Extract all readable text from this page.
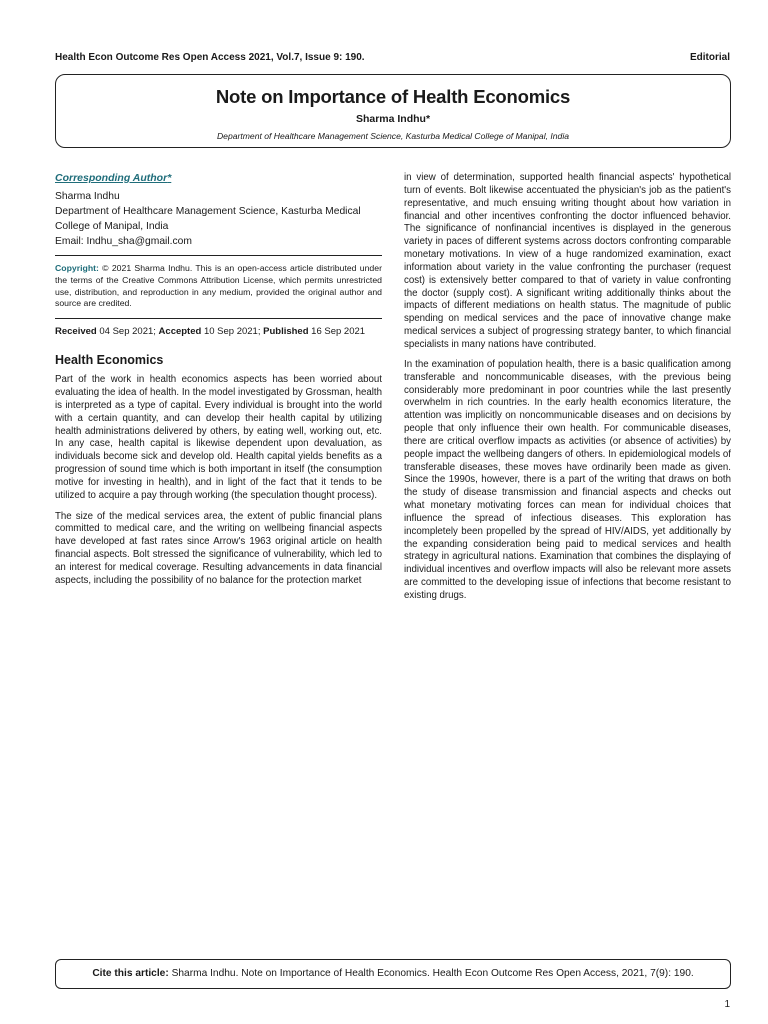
Health Econ Outcome Res Open Access 2021, Vol.7, Issue 9: 190.	Editorial
Note on Importance of Health Economics
Sharma Indhu*
Department of Healthcare Management Science, Kasturba Medical College of Manipal, India
Corresponding Author*
Sharma Indhu
Department of Healthcare Management Science, Kasturba Medical
College of Manipal, India
Email: Indhu_sha@gmail.com
Copyright: © 2021 Sharma Indhu. This is an open-access article distributed under the terms of the Creative Commons Attribution License, which permits unrestricted use, distribution, and reproduction in any medium, provided the original author and source are credited.
Received 04 Sep 2021; Accepted 10 Sep 2021; Published 16 Sep 2021
Health Economics

Part of the work in health economics aspects has been worried about evaluating the idea of health. In the model investigated by Grossman, health is interpreted as a type of capital. Every individual is brought into the world with a certain quantity, and can develop their health capital by utilizing health administrations delivered by others, by eating well, working out, etc. In any case, health capital is likewise dependent upon devaluation, as individuals become sick and develop old. Health capital yields benefits as a progression of sound time which is both important in itself (the consumption motive for investing in health), and in light of the fact that it tends to be utilized to acquire a pay through working (the speculation thought process).

The size of the medical services area, the extent of public financial plans committed to medical care, and the writing on wellbeing financial aspects have developed at fast rates since Arrow's 1963 original article on health financial aspects. Bolt stressed the significance of vulnerability, which led to an interest for medical coverage. Resulting advancements in data financial aspects, including the possibility of no balance for the protection market

in view of determination, supported health financial aspects' hypothetical turn of events. Bolt likewise accentuated the physician's job as the patient's representative, and much ensuing writing thought about how variation in financial and other incentives confronting the doctor influenced behavior. The significance of nonfinancial incentives is displayed in the generous variety in paces of different systems across doctors confronting comparable monetary motivations. In view of a huge randomized examination, exact information about variety in the value confronting the purchaser (request cost) is extensively better compared to that of variety in value confronting the doctor (supply cost). A significant writing additionally thinks about the impacts of different mediations on health status. The magnitude of public spending on medical services and the pace of innovative change make medical services a subject of progressing strategy banter, to which financial specialists in many nations have contributed.

In the examination of population health, there is a basic qualification among transferable and noncommunicable diseases, with the previous being considerably more predominant in poor countries while the last presently overwhelm in rich countries. In the early health economics literature, the attention was implicitly on noncommunicable diseases and on decisions by people that only influence their own health. For communicable diseases, there are critical overflow impacts as activities (or absence of activities) by people impact the wellbeing dangers of others. In epidemiological models of transferable diseases, these moves have ordinarily been made as given. Since the 1990s, however, there is a part of the writing that draws on both the study of disease transmission and financial aspects and checks out what monetary motivating forces can mean for individual choices that influence the spread of infectious diseases. This exploration has incompletely been propelled by the spread of HIV/AIDS, yet additionally by the expanding consideration being paid to medical services and health strategy in agricultural nations. Examination that combines the displaying of individual incentives and overflow impacts will also be relevant more assets are committed to the developing issue of infections that become resistant to existing drugs.

Cite this article: Sharma Indhu. Note on Importance of Health Economics. Health Econ Outcome Res Open Access, 2021, 7(9): 190.
1
